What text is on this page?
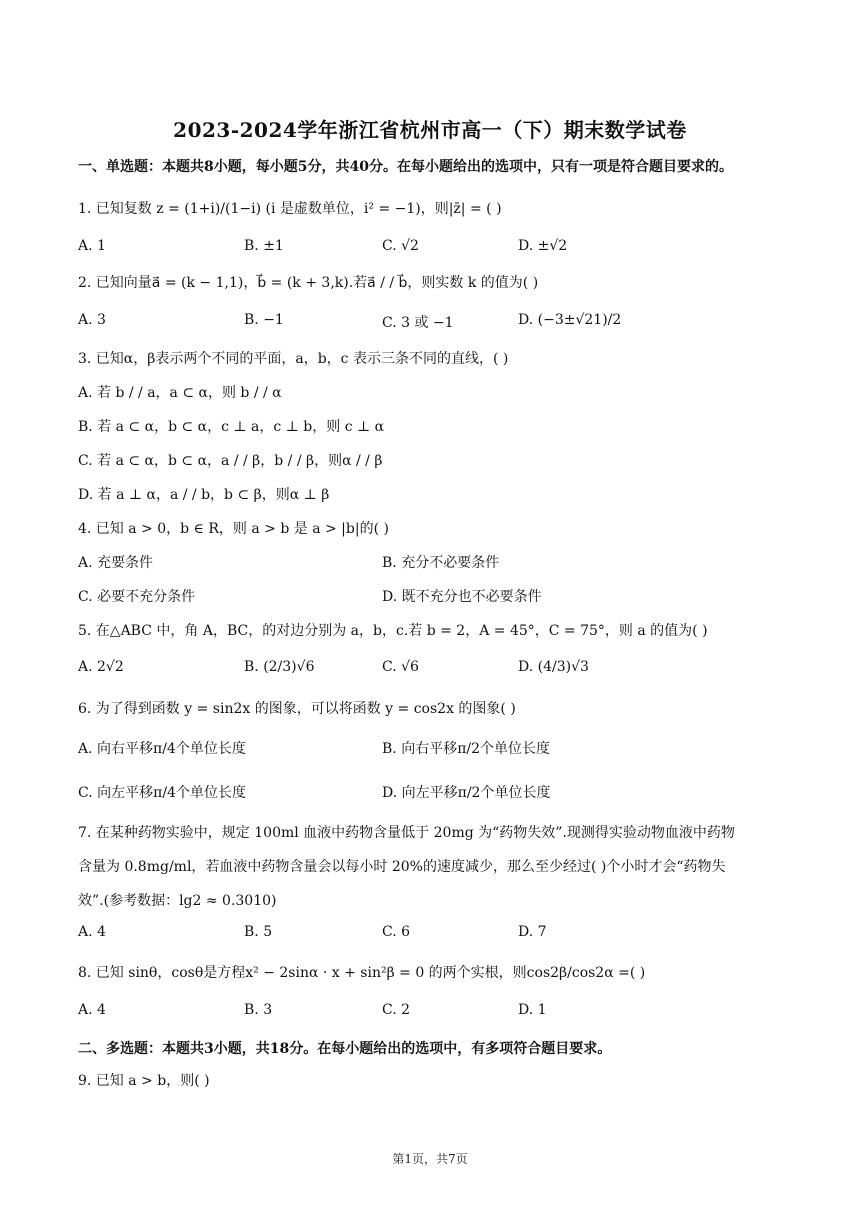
2023-2024学年浙江省杭州市高一（下）期末数学试卷
一、单选题：本题共8小题，每小题5分，共40分。在每小题给出的选项中，只有一项是符合题目要求的。
1. 已知复数 z = (1+i)/(1−i) (i 是虚数单位，i² = −1)，则|z̄| = ( )
A. 1	B. ±1	C. √2	D. ±√2
2. 已知向量a⃗ = (k − 1,1)，b⃗ = (k + 3,k).若a⃗ / / b⃗，则实数 k 的值为( )
A. 3	B. −1	C. 3 或 −1	D. (−3±√21)/2
3. 已知α，β表示两个不同的平面，a，b，c 表示三条不同的直线，( )
A. 若 b / / a，a ⊂ α，则 b / / α
B. 若 a ⊂ α，b ⊂ α，c ⊥ a，c ⊥ b，则 c ⊥ α
C. 若 a ⊂ α，b ⊂ α，a / / β，b / / β，则α / / β
D. 若 a ⊥ α，a / / b，b ⊂ β，则α ⊥ β
4. 已知 a > 0，b ∈ R，则 a > b 是 a > |b|的( )
A. 充要条件	B. 充分不必要条件
C. 必要不充分条件	D. 既不充分也不必要条件
5. 在△ABC 中，角 A，BC，的对边分别为 a，b，c.若 b = 2，A = 45°，C = 75°，则 a 的值为( )
A. 2√2	B. (2/3)√6	C. √6	D. (4/3)√3
6. 为了得到函数 y = sin2x 的图象，可以将函数 y = cos2x 的图象( )
A. 向右平移π/4个单位长度	B. 向右平移π/2个单位长度
C. 向左平移π/4个单位长度	D. 向左平移π/2个单位长度
7. 在某种药物实验中，规定 100ml 血液中药物含量低于 20mg 为“药物失效”.现测得实验动物血液中药物
含量为 0.8mg/ml，若血液中药物含量会以每小时 20%的速度减少，那么至少经过( )个小时才会“药物失
效”.(参考数据：lg2 ≈ 0.3010)
A. 4	B. 5	C. 6	D. 7
8. 已知 sinθ，cosθ是方程x² − 2sinα · x + sin²β = 0 的两个实根，则cos2β/cos2α =( )
A. 4	B. 3	C. 2	D. 1
二、多选题：本题共3小题，共18分。在每小题给出的选项中，有多项符合题目要求。
9. 已知 a > b，则( )
第1页，共7页
